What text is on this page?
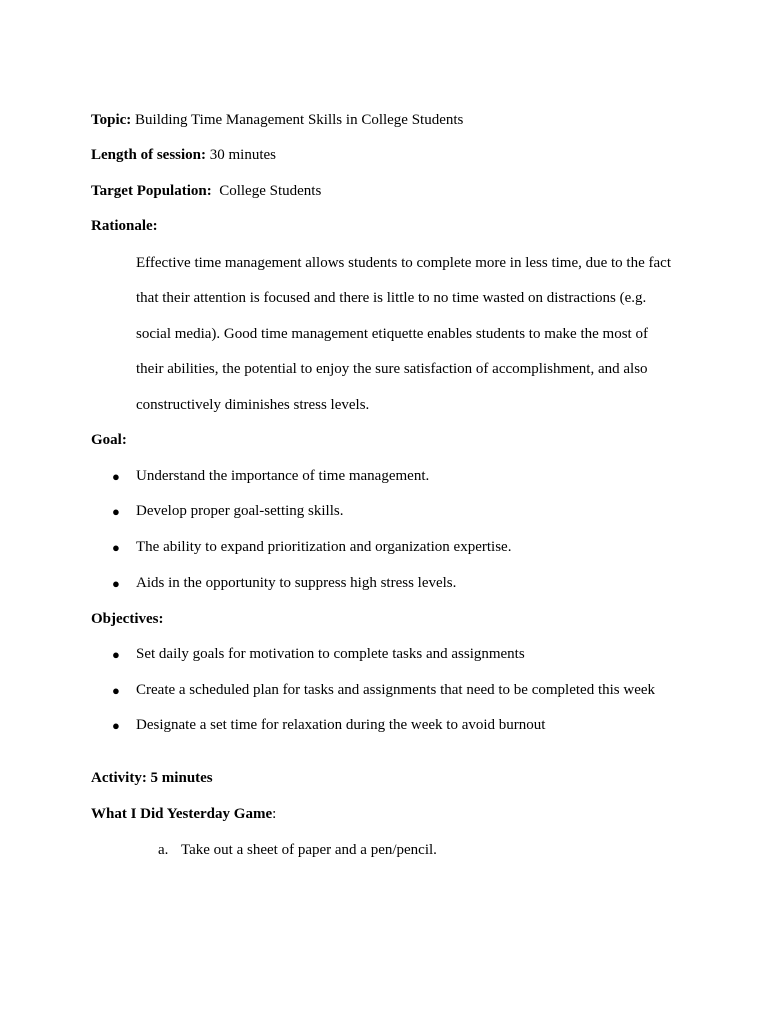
Topic: Building Time Management Skills in College Students
Length of session: 30 minutes
Target Population:  College Students
Rationale:
Effective time management allows students to complete more in less time, due to the fact
that their attention is focused and there is little to no time wasted on distractions (e.g.
social media). Good time management etiquette enables students to make the most of
their abilities, the potential to enjoy the sure satisfaction of accomplishment, and also
constructively diminishes stress levels.
Goal:
● Understand the importance of time management.
● Develop proper goal-setting skills.
● The ability to expand prioritization and organization expertise.
● Aids in the opportunity to suppress high stress levels.
Objectives:
● Set daily goals for motivation to complete tasks and assignments
● Create a scheduled plan for tasks and assignments that need to be completed this week
● Designate a set time for relaxation during the week to avoid burnout
Activity: 5 minutes
What I Did Yesterday Game:
a. Take out a sheet of paper and a pen/pencil.
